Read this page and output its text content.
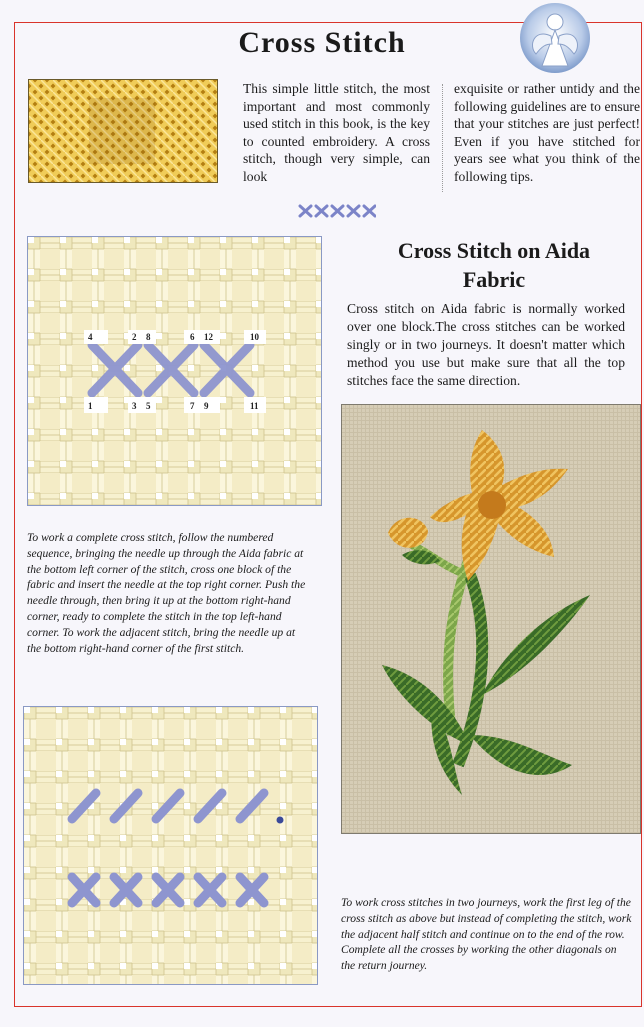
Cross Stitch

This simple little stitch, the most important and most commonly used stitch in this book, is the key to counted embroidery. A cross stitch, though very simple, can look

exquisite or rather untidy and the following guidelines are to ensure that your stitches are just perfect! Even if you have stitched for years see what you think of the following tips.

4	2 8	6 12	10
1	3 5	7 9	11
Cross Stitch on Aida Fabric

Cross stitch on Aida fabric is normally worked over one block.The cross stitches can be worked singly or in two journeys. It doesn't matter which method you use but make sure that all the top stitches face the same direction.

To work a complete cross stitch, follow the numbered sequence, bringing the needle up through the Aida fabric at the bottom left corner of the stitch, cross one block of the fabric and insert the needle at the top right corner. Push the needle through, then bring it up at the bottom right-hand corner, ready to complete the stitch in the top left-hand corner. To work the adjacent stitch, bring the needle up at the bottom right-hand corner of the first stitch.

To work cross stitches in two journeys, work the first leg of the cross stitch as above but instead of completing the stitch, work the adjacent half stitch and continue on to the end of the row. Complete all the crosses by working the other diagonals on the return journey.
